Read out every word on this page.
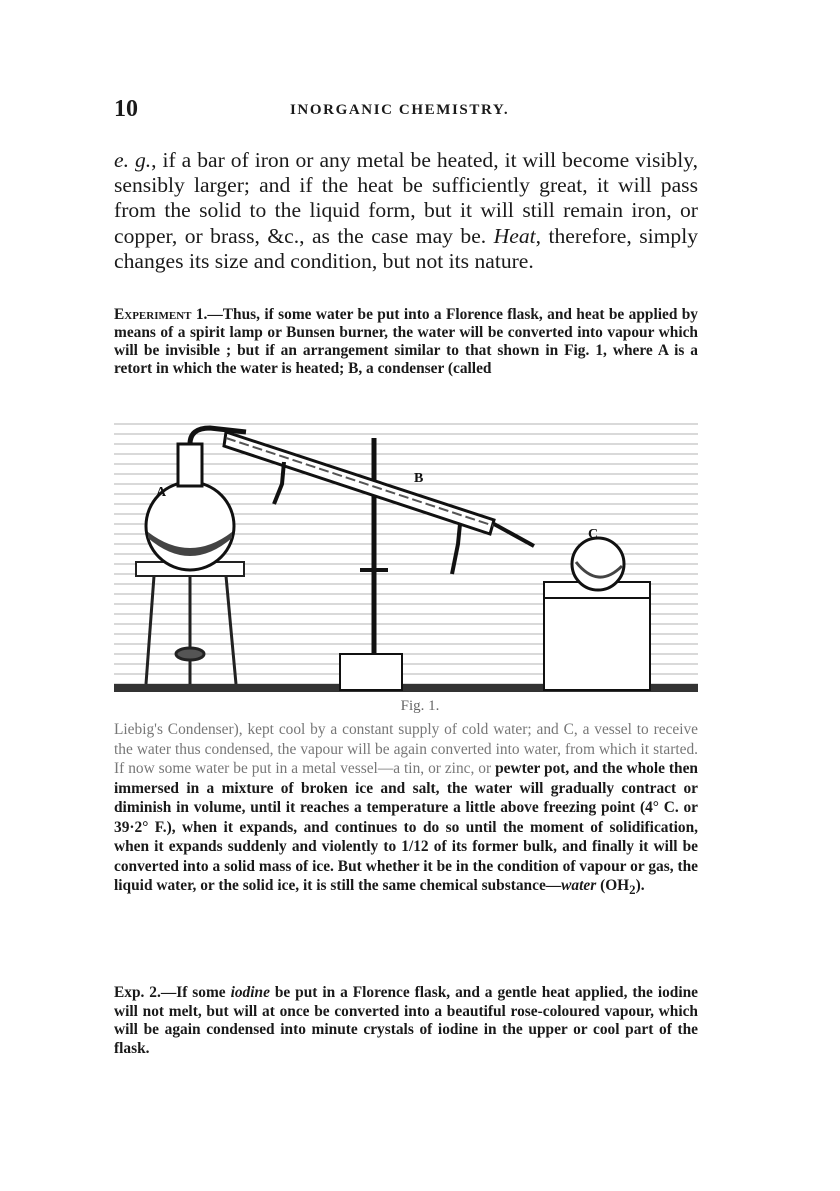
10	INORGANIC CHEMISTRY.

e. g., if a bar of iron or any metal be heated, it will become visibly, sensibly larger; and if the heat be sufficiently great, it will pass from the solid to the liquid form, but it will still remain iron, or copper, or brass, &c., as the case may be. Heat, therefore, simply changes its size and condition, but not its nature.

Experiment 1.—Thus, if some water be put into a Florence flask, and heat be applied by means of a spirit lamp or Bunsen burner, the water will be converted into vapour which will be invisible ; but if an arrangement similar to that shown in Fig. 1, where A is a retort in which the water is heated; B, a condenser (called

A
B
C
Fig. 1.

Liebig's Condenser), kept cool by a constant supply of cold water; and C, a vessel to receive the water thus condensed, the vapour will be again converted into water, from which it started. If now some water be put in a metal vessel—a tin, or zinc, or pewter pot, and the whole then immersed in a mixture of broken ice and salt, the water will gradually contract or diminish in volume, until it reaches a temperature a little above freezing point (4° C. or 39·2° F.), when it expands, and continues to do so until the moment of solidification, when it expands suddenly and violently to 1/12 of its former bulk, and finally it will be converted into a solid mass of ice. But whether it be in the condition of vapour or gas, the liquid water, or the solid ice, it is still the same chemical substance—water $(OH_2)$.

Exp. 2.—If some iodine be put in a Florence flask, and a gentle heat applied, the iodine will not melt, but will at once be converted into a beautiful rose-coloured vapour, which will be again condensed into minute crystals of iodine in the upper or cool part of the flask.
